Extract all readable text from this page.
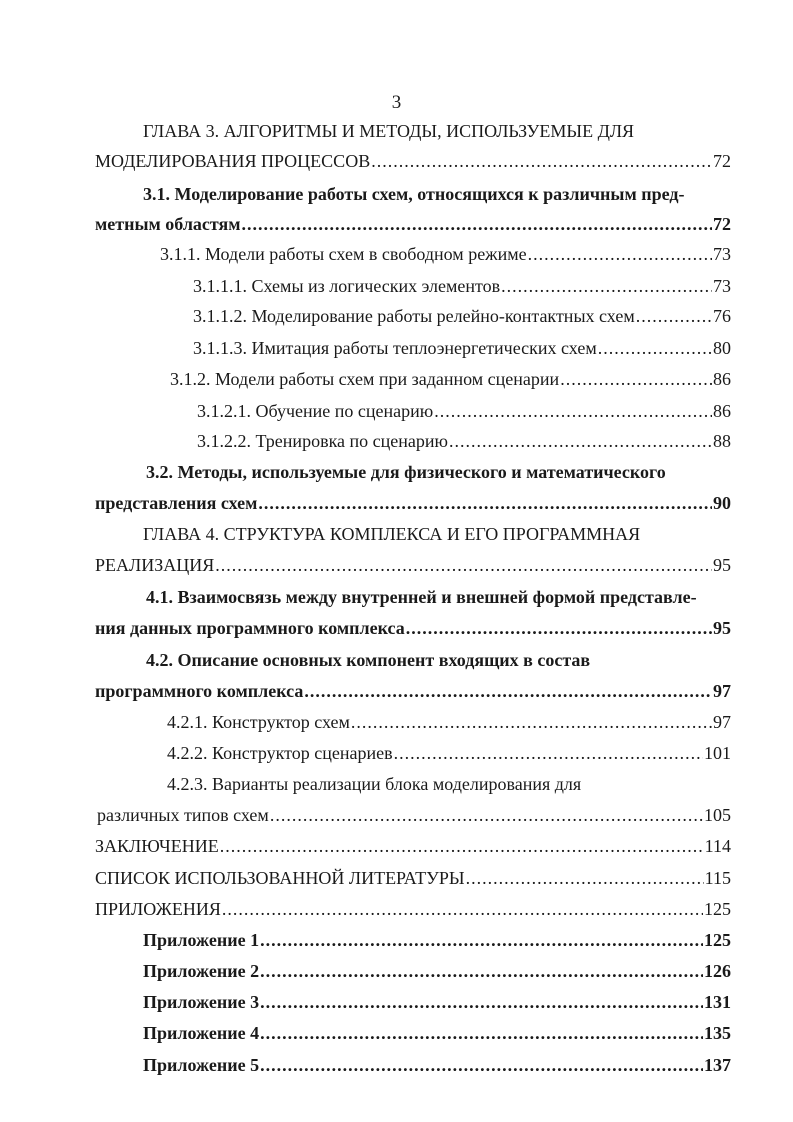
3
ГЛАВА 3. АЛГОРИТМЫ И МЕТОДЫ, ИСПОЛЬЗУЕМЫЕ ДЛЯ
МОДЕЛИРОВАНИЯ ПРОЦЕССОВ .....	72
3.1. Моделирование работы схем, относящихся к различным пред-
метным областям .....	72
3.1.1. Модели работы схем в свободном режиме .....	73
3.1.1.1. Схемы из логических элементов .....	73
3.1.1.2. Моделирование работы релейно-контактных схем .....	76
3.1.1.3. Имитация работы теплоэнергетических схем .....	80
3.1.2. Модели работы схем при заданном сценарии .....	86
3.1.2.1. Обучение по сценарию .....	86
3.1.2.2. Тренировка по сценарию .....	88
3.2. Методы, используемые для физического и математического
представления схем .....	90
ГЛАВА 4. СТРУКТУРА КОМПЛЕКСА И ЕГО ПРОГРАММНАЯ
РЕАЛИЗАЦИЯ .....	95
4.1. Взаимосвязь между внутренней и внешней формой представле-
ния данных программного комплекса .....	95
4.2. Описание основных компонент входящих в состав
программного комплекса .....	97
4.2.1. Конструктор схем .....	97
4.2.2. Конструктор сценариев .....	101
4.2.3. Варианты реализации блока моделирования для
различных типов схем .....	105
ЗАКЛЮЧЕНИЕ .....	114
СПИСОК ИСПОЛЬЗОВАННОЙ ЛИТЕРАТУРЫ .....	115
ПРИЛОЖЕНИЯ .....	125
Приложение 1 .....	125
Приложение 2 .....	126
Приложение 3 .....	131
Приложение 4 .....	135
Приложение 5 .....	137
